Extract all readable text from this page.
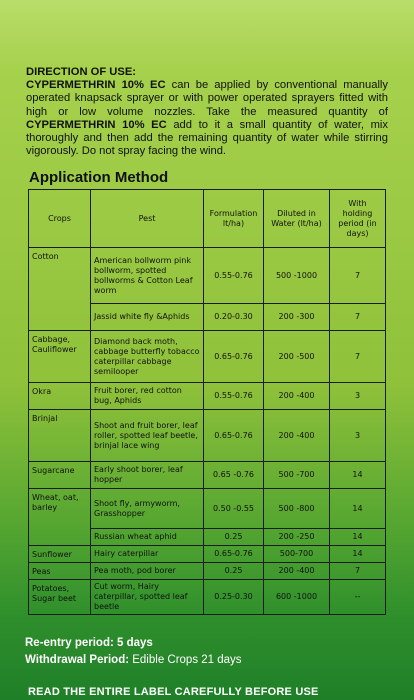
DIRECTION OF USE:
CYPERMETHRIN 10% EC can be applied by conventional manually operated knapsack sprayer or with power operated sprayers fitted with high or low volume nozzles. Take the measured quantity of CYPERMETHRIN 10% EC add to it a small quantity of water, mix thoroughly and then add the remaining quantity of water while stirring vigorously. Do not spray facing the wind.
Application Method
Crops	Pest	Formulation lt/ha)	Diluted in Water (lt/ha)	With holding period (in days)
Cotton	American bollworm pink bollworm, spotted bollworms & Cotton Leaf worm	0.55-0.76	500 -1000	7
	Jassid white fly &Aphids	0.20-0.30	200 -300	7
Cabbage, Cauliflower	Diamond back moth, cabbage butterfly tobacco caterpillar cabbage semilooper	0.65-0.76	200 -500	7
Okra	Fruit borer, red cotton bug, Aphids	0.55-0.76	200 -400	3
Brinjal	Shoot and fruit borer, leaf roller, spotted leaf beetle, brinjal lace wing	0.65-0.76	200 -400	3
Sugarcane	Early shoot borer, leaf hopper	0.65 -0.76	500 -700	14
Wheat, oat, barley	Shoot fly, armyworm, Grasshopper	0.50 -0.55	500 -800	14
	Russian wheat aphid	0.25	200 -250	14
Sunflower	Hairy caterpillar	0.65-0.76	500-700	14
Peas	Pea moth, pod borer	0.25	200 -400	7
Potatoes, Sugar beet	Cut worm, Hairy caterpillar, spotted leaf beetle	0.25-0.30	600 -1000	--
Re-entry period: 5 days
Withdrawal Period: Edible Crops 21 days
READ THE ENTIRE LABEL CAREFULLY BEFORE USE
